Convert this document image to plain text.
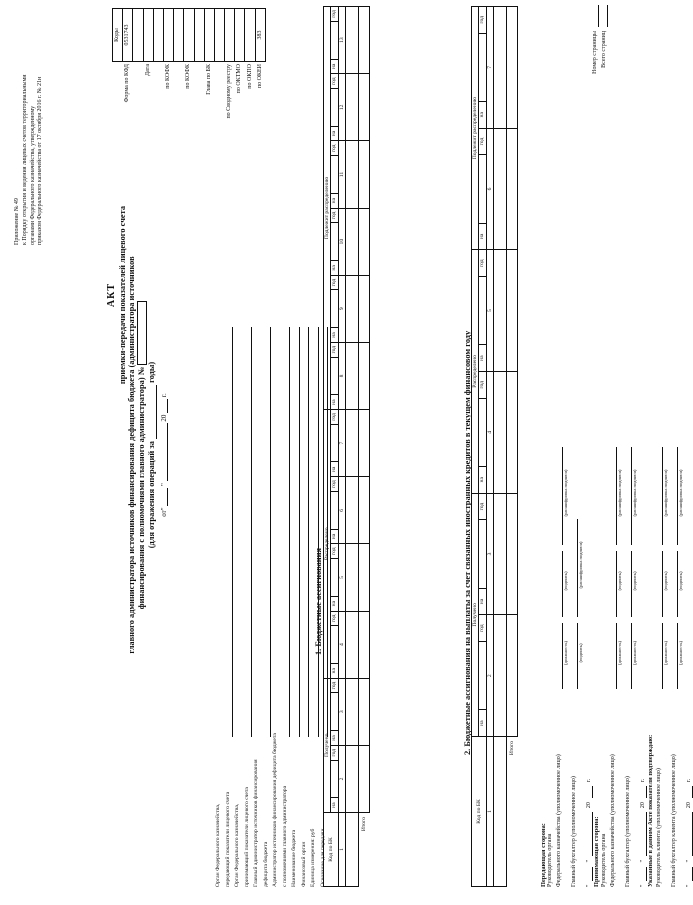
Приложение № 49 к Порядку открытия и ведения лицевых счетов территориальными органами Федерального казначейства, утвержденному приказом Федерального казначейства от 17 октября 2016 г. № 21н
АКТ приемки-передачи показателей лицевого счета главного администратора источников финансирования дефицита бюджета (администратора источников финансирования с полномочиями главного администратора) № (для отражения операций за  годы)
от"  "  20  г.
	Коды
Форма по КФД	0531743

Дата	

по КОФК	

по КОФК	

Глава по БК	

по Сводному реестру	
по ОКТМО	
по ОКПО	
по ОКЕИ	383
Орган Федерального казначейства, передающий показатели лицевого счета Орган Федерального казначейства, принимающий показатели лицевого счета Главный администратор источников финансирования дефицита бюджета Администратор источников финансирования дефицита бюджета с полномочиями главного администратора Наименование бюджета Финансовый орган Единица измерения: руб Основание для передачи
1. Бюджетные ассигнования
Код по БК	Получено						Распределено												Подлежит распределению																	
	на		год	на		год	на		год	на		год	на		год	на		год	на		год	на		год	на		год	на		год	на		год	на		год
1	2			3			4			5			6			7			8			9			10			11			12			13		

Итого																																				
2. Бюджетные ассигнования на выплаты за счет связанных иностранных кредитов в текущем финансовом году
Код по БК	Получено						Распределено						Подлежит распределению					
	на		год	на		год	на		год	на		год	на		год	на		год
1	2			3			4			5			6			7		

Итого																		
Передающая сторона: Руководитель органа Федерального казначейства (уполномоченное лицо)
(должность)
(подпись)
(расшифровка подписи)
Главный бухгалтер (уполномоченное лицо)
(подпись)
(расшифровка подписи)
"
"
20
г.
Принимающая сторона: Руководитель органа Федерального казначейства (уполномоченное лицо)
(должность)
(подпись)
(расшифровка подписи)
Главный бухгалтер (уполномоченное лицо)
(должность)
(подпись)
(расшифровка подписи)
"
"
20
г. Указанные в данном Акте показатели подтверждаю: Руководитель клиента (уполномоченное лицо)
(должность)
(подпись)
(расшифровка подписи)
Главный бухгалтер клиента (уполномоченное лицо)
(должность)
(подпись)
(расшифровка подписи)
"
"
20
г.
Номер страницы Всего страниц
